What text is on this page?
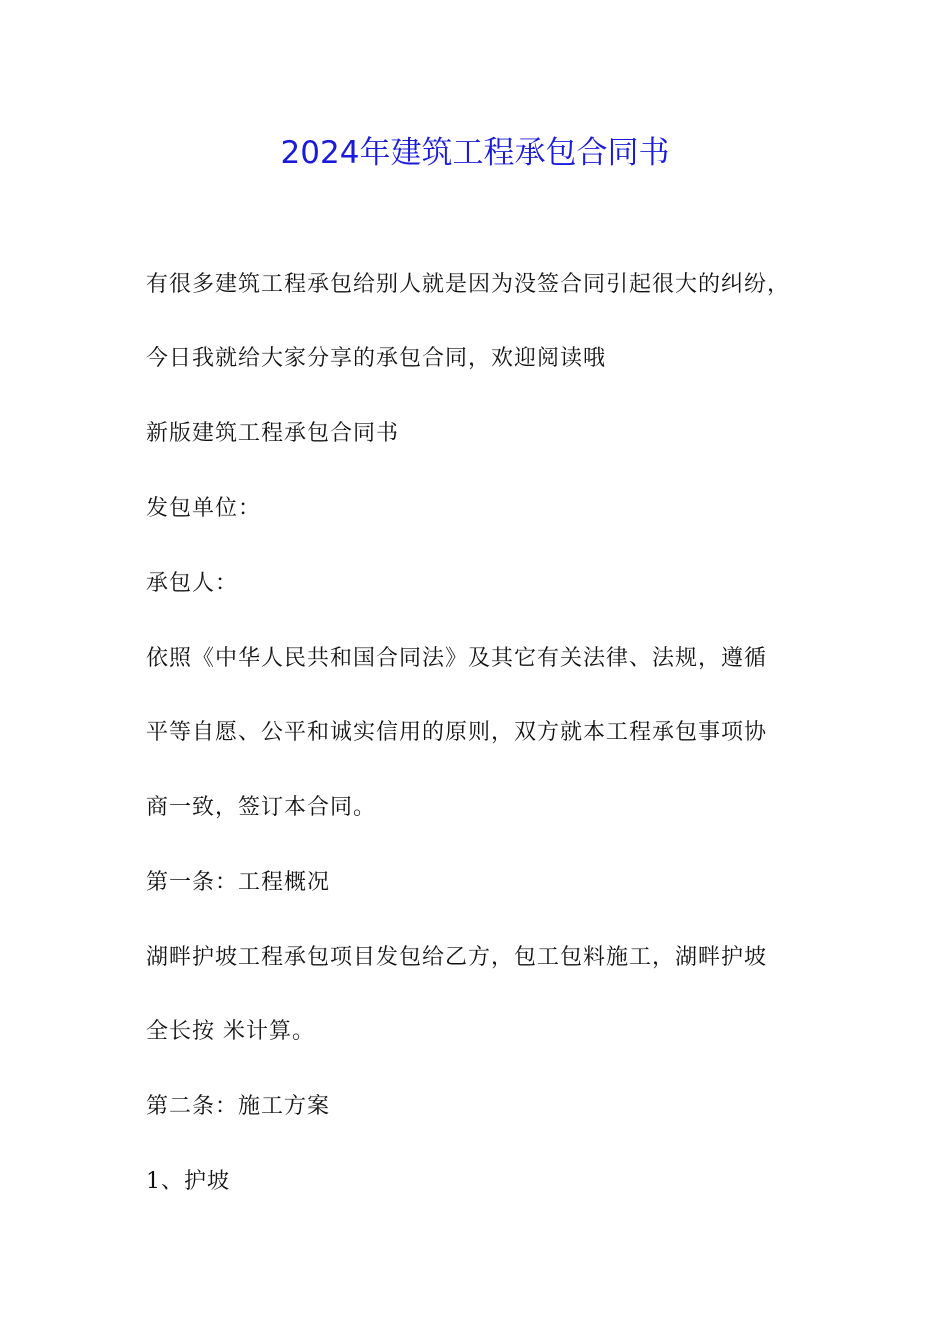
2024年建筑工程承包合同书
有很多建筑工程承包给别人就是因为没签合同引起很大的纠纷，
今日我就给大家分享的承包合同，欢迎阅读哦
新版建筑工程承包合同书
发包单位：
承包人：
依照《中华人民共和国合同法》及其它有关法律、法规，遵循
平等自愿、公平和诚实信用的原则，双方就本工程承包事项协
商一致，签订本合同。
第一条：工程概况
湖畔护坡工程承包项目发包给乙方，包工包料施工，湖畔护坡
全长按 米计算。
第二条：施工方案
1、护坡
